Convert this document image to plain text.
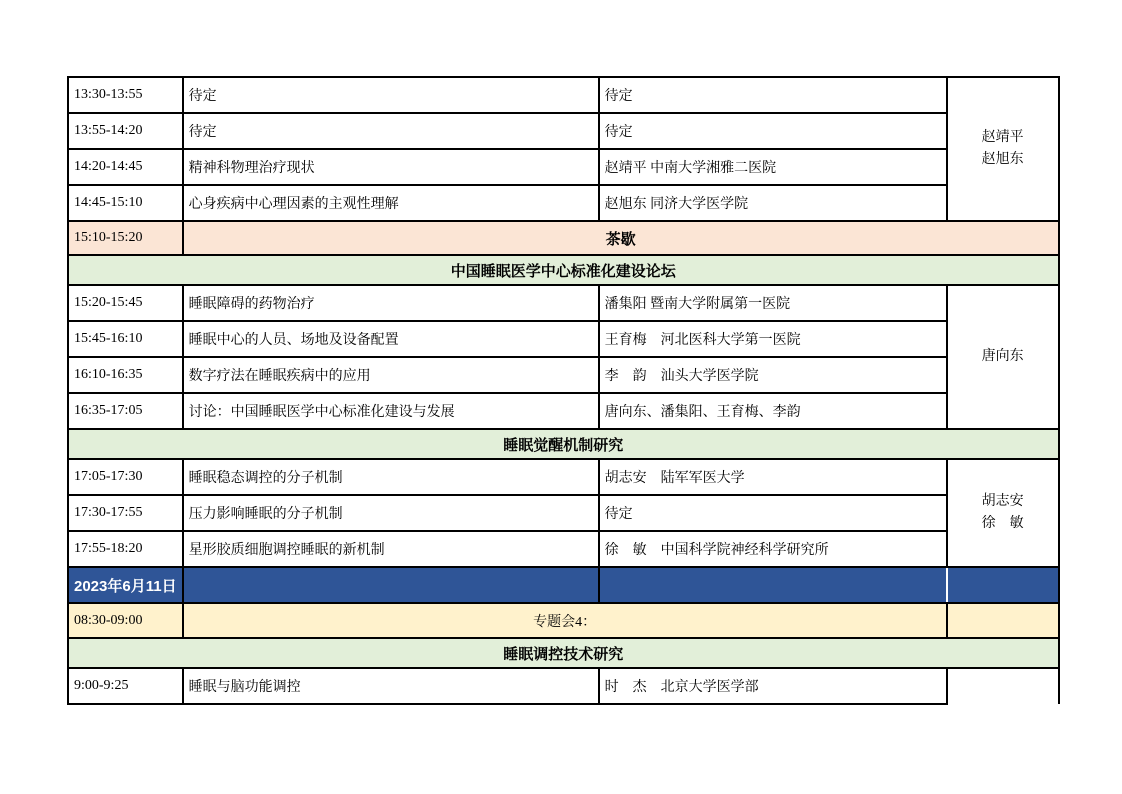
13:30-13:55	待定	待定	赵靖平
赵旭东

13:55-14:20	待定	待定	
14:20-14:45	精神科物理治疗现状	赵靖平 中南大学湘雅二医院	
14:45-15:10	心身疾病中心理因素的主观性理解	赵旭东 同济大学医学院	
15:10-15:20	茶歇		
中国睡眠医学中心标准化建设论坛			
15:20-15:45	睡眠障碍的药物治疗	潘集阳 暨南大学附属第一医院	唐向东

15:45-16:10	睡眠中心的人员、场地及设备配置	王育梅　河北医科大学第一医院	
16:10-16:35	数字疗法在睡眠疾病中的应用	李　韵　汕头大学医学院	
16:35-17:05	讨论：中国睡眠医学中心标准化建设与发展	唐向东、潘集阳、王育梅、李韵	
睡眠觉醒机制研究			
17:05-17:30	睡眠稳态调控的分子机制	胡志安　陆军军医大学	胡志安
徐　敏

17:30-17:55	压力影响睡眠的分子机制	待定	
17:55-18:20	星形胶质细胞调控睡眠的新机制	徐　敏　中国科学院神经科学研究所	
2023年6月11日			
08:30-09:00	专题会4：		
睡眠调控技术研究			
9:00-9:25	睡眠与脑功能调控	时　杰　北京大学医学部	
